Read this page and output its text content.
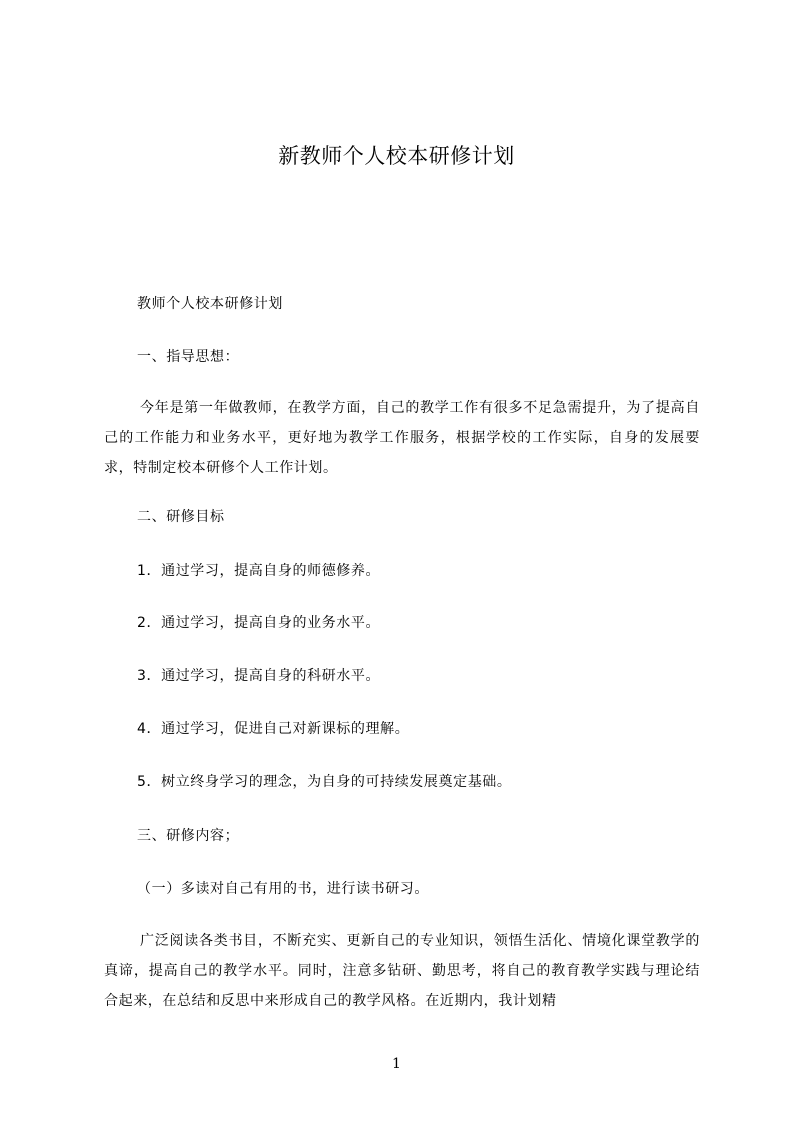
新教师个人校本研修计划
教师个人校本研修计划
一、指导思想：

今年是第一年做教师，在教学方面，自己的教学工作有很多不足急需提升，为了提高自己的工作能力和业务水平，更好地为教学工作服务，根据学校的工作实际，自身的发展要求，特制定校本研修个人工作计划。

二、研修目标
1．通过学习，提高自身的师德修养。
2．通过学习，提高自身的业务水平。
3．通过学习，提高自身的科研水平。
4．通过学习，促进自己对新课标的理解。
5．树立终身学习的理念，为自身的可持续发展奠定基础。
三、研修内容；
（一）多读对自己有用的书，进行读书研习。

广泛阅读各类书目，不断充实、更新自己的专业知识，领悟生活化、情境化课堂教学的真谛，提高自己的教学水平。同时，注意多钻研、勤思考，将自己的教育教学实践与理论结合起来，在总结和反思中来形成自己的教学风格。在近期内，我计划精

1
